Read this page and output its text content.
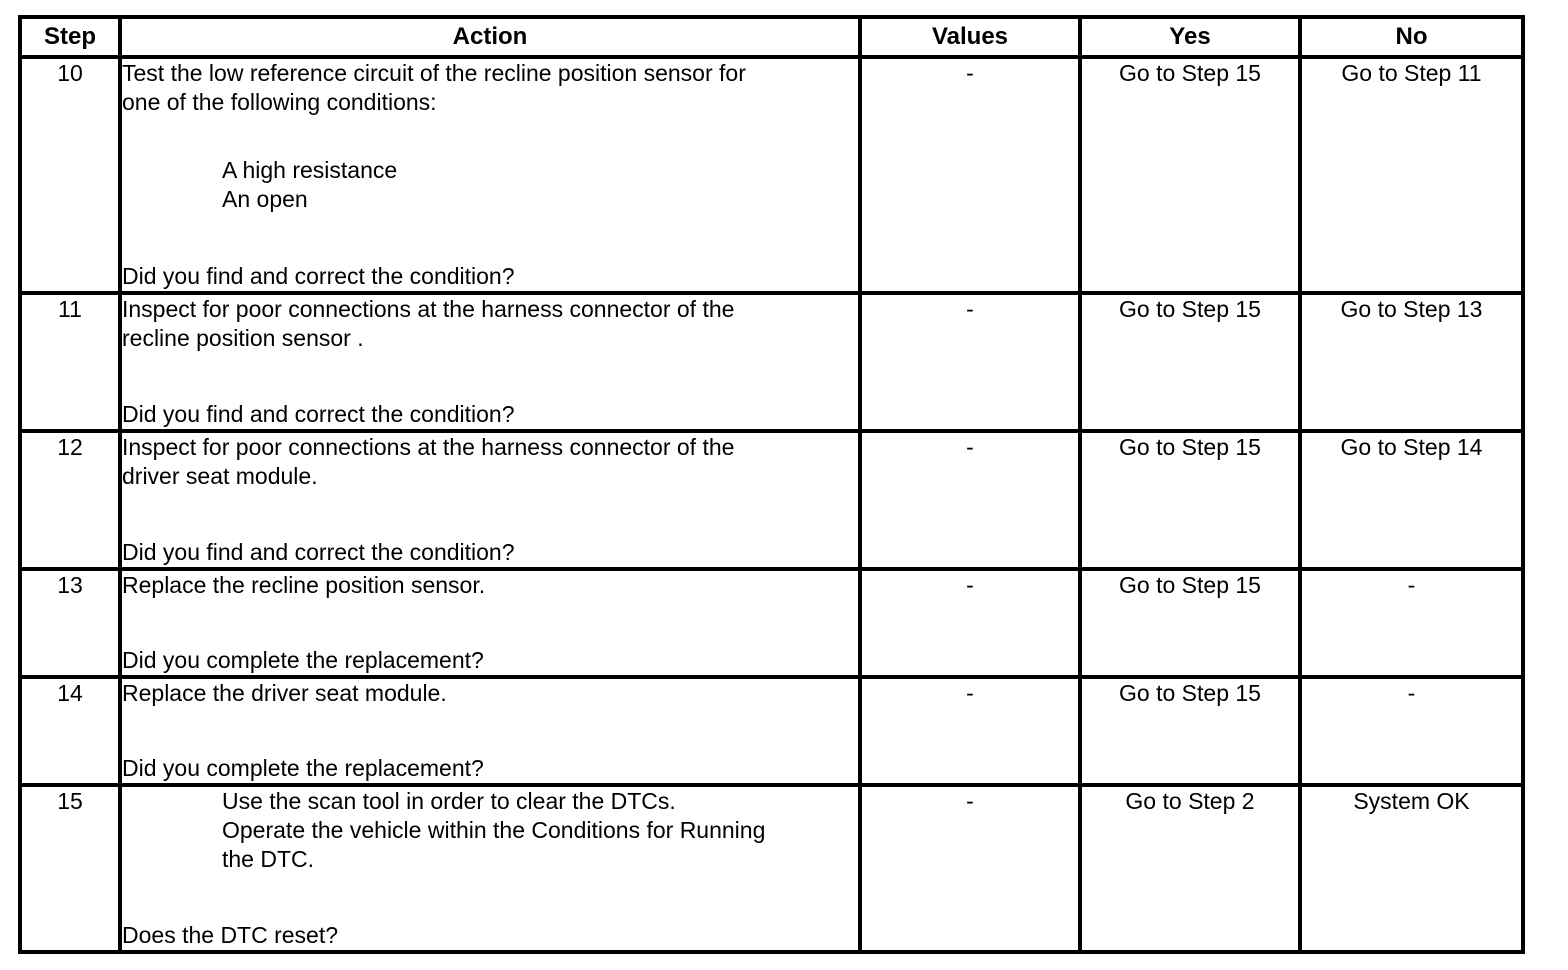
Step	Action	Values	Yes	No
10	Test the low reference circuit of the recline position sensor for
one of the following conditions:
A high resistance
An open
Did you find and correct the condition?	-	Go to Step 15	Go to Step 11
11	Inspect for poor connections at the harness connector of the
recline position sensor .
Did you find and correct the condition?	-	Go to Step 15	Go to Step 13
12	Inspect for poor connections at the harness connector of the
driver seat module.
Did you find and correct the condition?	-	Go to Step 15	Go to Step 14
13	Replace the recline position sensor.
Did you complete the replacement?	-	Go to Step 15	-
14	Replace the driver seat module.
Did you complete the replacement?	-	Go to Step 15	-
15	Use the scan tool in order to clear the DTCs.
Operate the vehicle within the Conditions for Running
the DTC.
Does the DTC reset?	-	Go to Step 2	System OK
